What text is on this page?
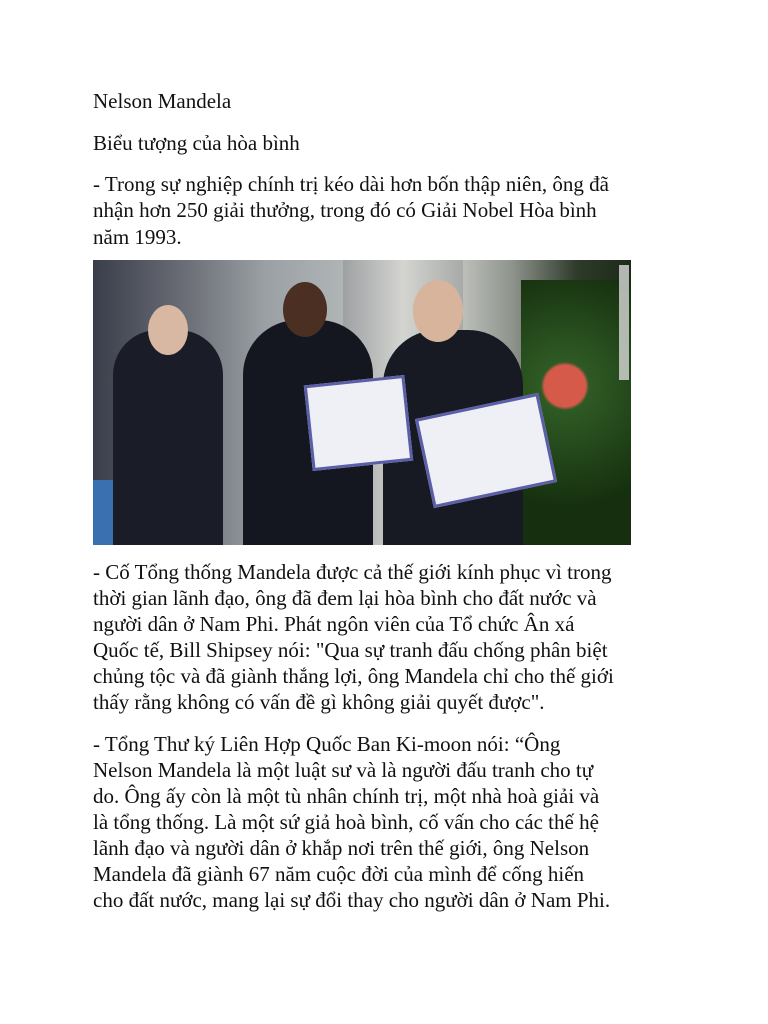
Nelson Mandela
Biểu tượng của hòa bình
- Trong sự nghiệp chính trị kéo dài hơn bốn thập niên, ông đã
nhận hơn 250 giải thưởng, trong đó có Giải Nobel Hòa bình
năm 1993.
- Cố Tổng thống Mandela được cả thế giới kính phục vì trong
thời gian lãnh đạo, ông đã đem lại hòa bình cho đất nước và
người dân ở Nam Phi. Phát ngôn viên của Tổ chức Ân xá
Quốc tế, Bill Shipsey nói: "Qua sự tranh đấu chống phân biệt
chủng tộc và đã giành thắng lợi, ông Mandela chỉ cho thế giới
thấy rằng không có vấn đề gì không giải quyết được".
- Tổng Thư ký Liên Hợp Quốc Ban Ki-moon nói: “Ông
Nelson Mandela là một luật sư và là người đấu tranh cho tự
do. Ông ấy còn là một tù nhân chính trị, một nhà hoà giải và
là tổng thống. Là một sứ giả hoà bình, cố vấn cho các thế hệ
lãnh đạo và người dân ở khắp nơi trên thế giới, ông Nelson
Mandela đã giành 67 năm cuộc đời của mình để cống hiến
cho đất nước, mang lại sự đổi thay cho người dân ở Nam Phi.
